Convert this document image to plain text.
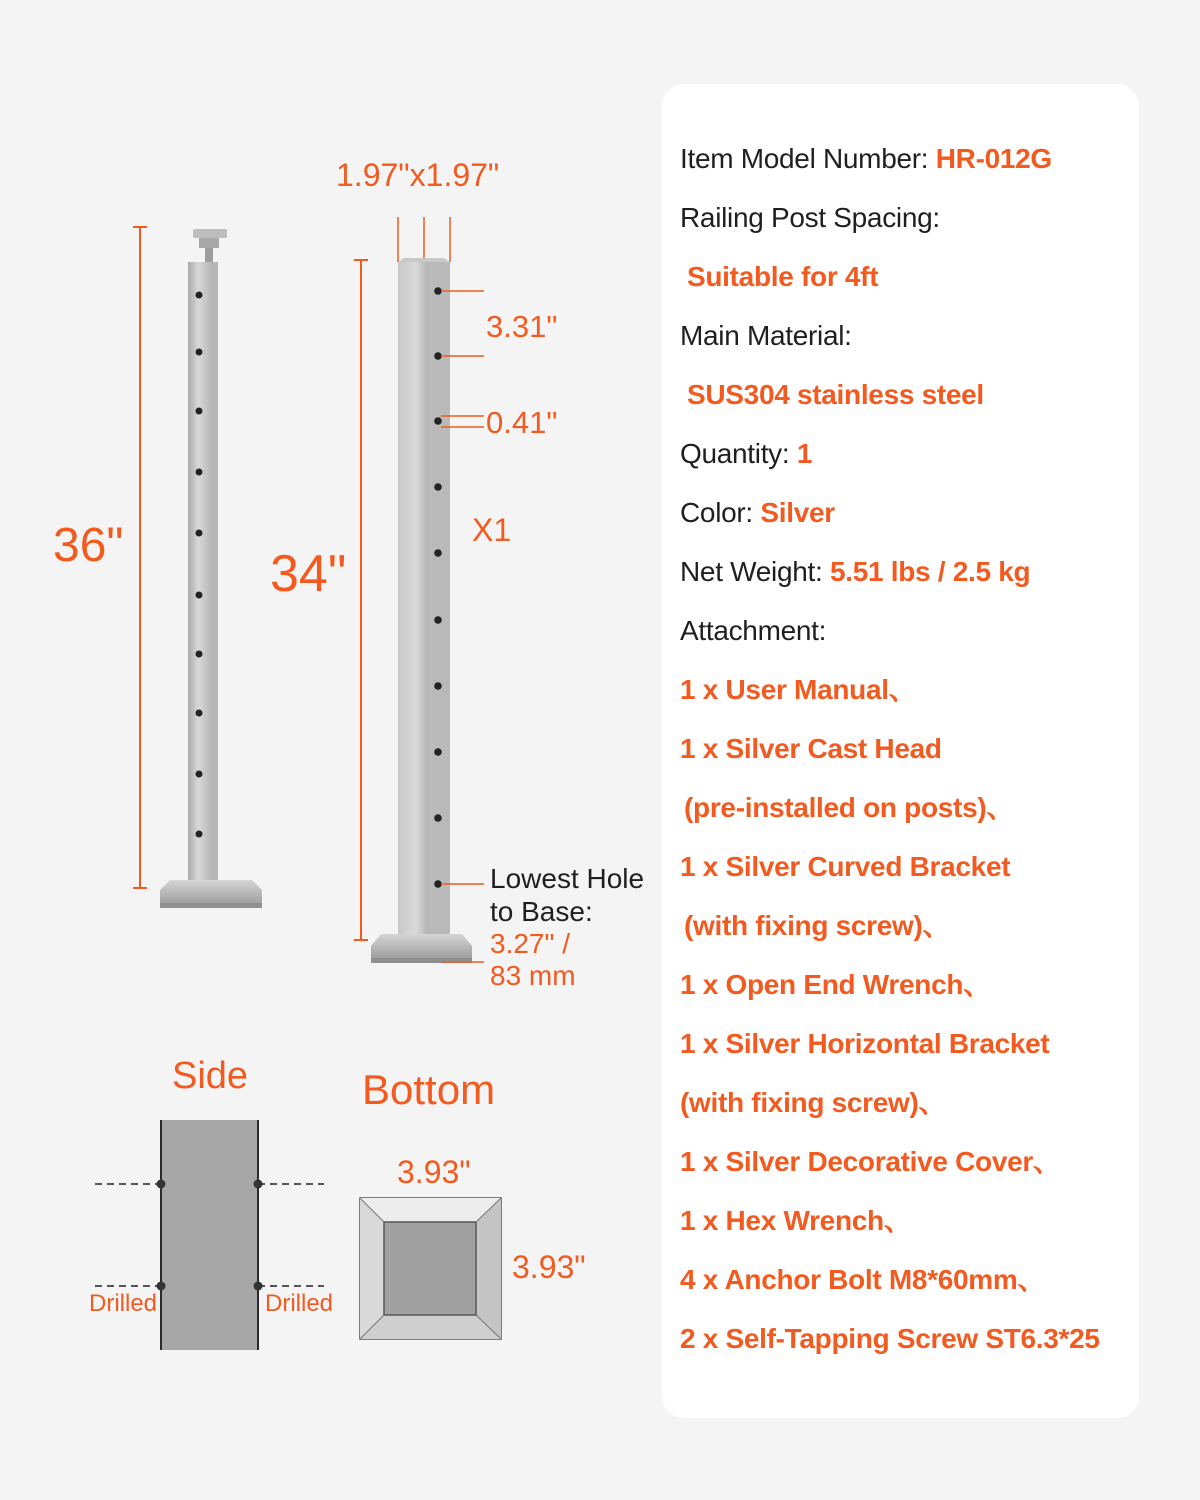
1.97"x1.97"
36"	34"
3.31"
0.41"
X1
Lowest Hole
to Base:
3.27" /
83 mm
Side
Drilled	Drilled
Bottom
3.93"
3.93"
Item Model Number: HR-012G
Railing Post Spacing:
Suitable for 4ft
Main Material:
SUS304 stainless steel
Quantity: 1
Color: Silver
Net Weight: 5.51 lbs / 2.5 kg
Attachment:
1 x User Manual、
1 x Silver Cast Head
(pre-installed on posts)、
1 x Silver Curved Bracket
(with fixing screw)、
1 x Open End Wrench、
1 x Silver Horizontal Bracket
(with fixing screw)、
1 x Silver Decorative Cover、
1 x Hex Wrench、
4 x Anchor Bolt M8*60mm、
2 x Self-Tapping Screw ST6.3*25
